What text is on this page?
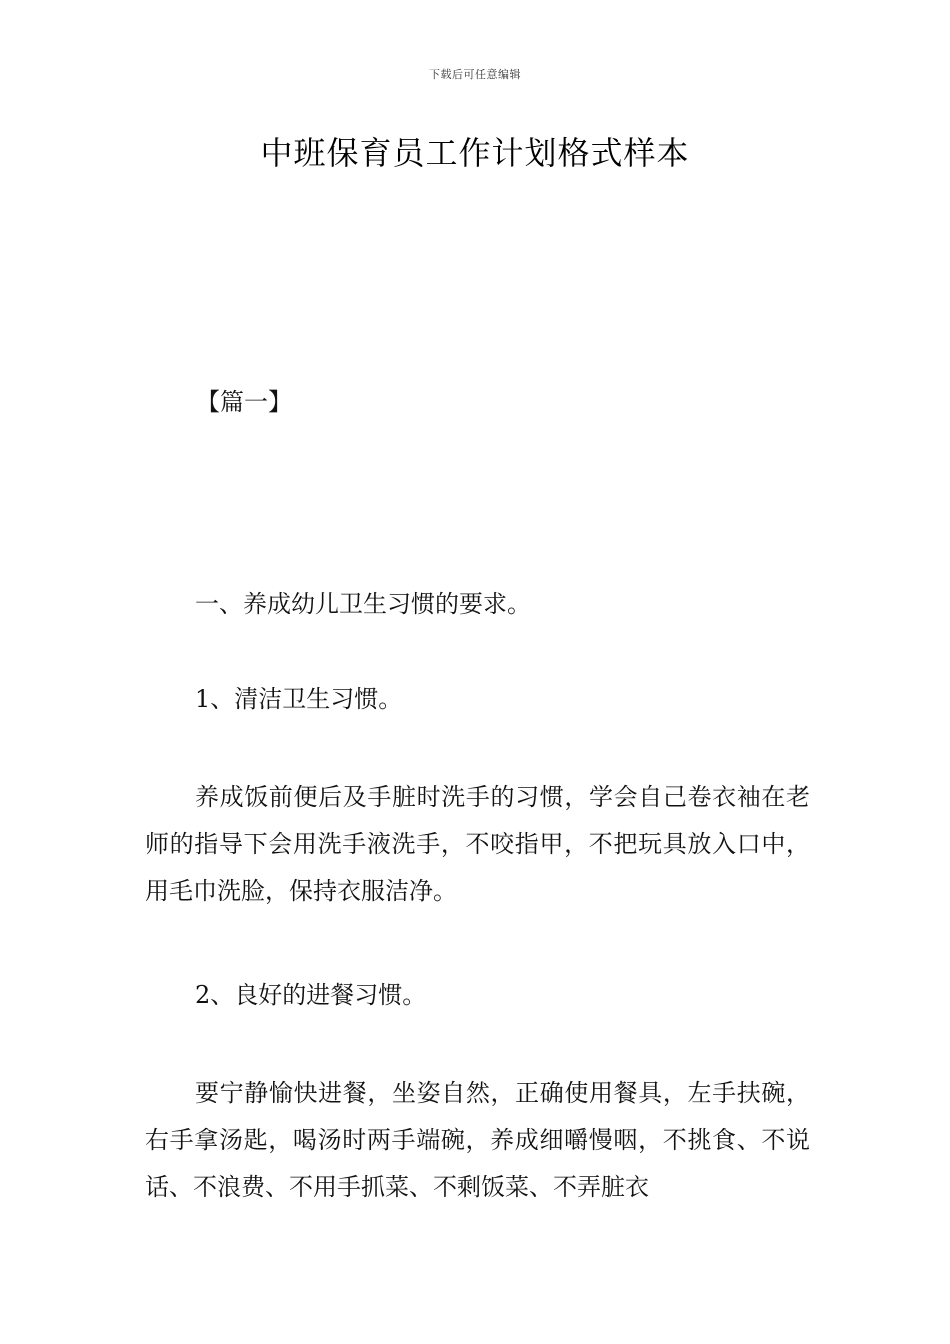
下载后可任意编辑
中班保育员工作计划格式样本

【篇一】

一、养成幼儿卫生习惯的要求。

1、清洁卫生习惯。

养成饭前便后及手脏时洗手的习惯，学会自己卷衣袖在老师的指导下会用洗手液洗手，不咬指甲，不把玩具放入口中，用毛巾洗脸，保持衣服洁净。

2、良好的进餐习惯。

要宁静愉快进餐，坐姿自然，正确使用餐具，左手扶碗，右手拿汤匙，喝汤时两手端碗，养成细嚼慢咽，不挑食、不说话、不浪费、不用手抓菜、不剩饭菜、不弄脏衣
